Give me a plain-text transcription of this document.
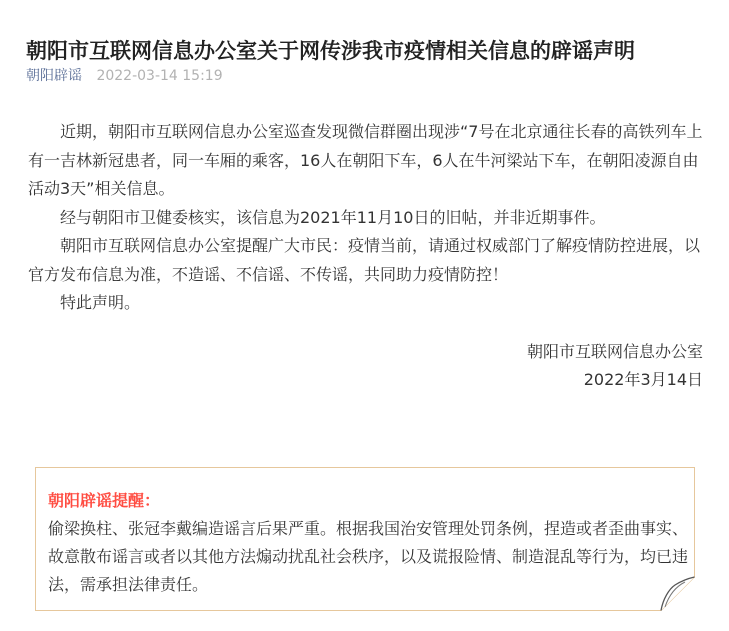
朝阳市互联网信息办公室关于网传涉我市疫情相关信息的辟谣声明
朝阳辟谣 2022-03-14 15:19

近期，朝阳市互联网信息办公室巡查发现微信群圈出现涉“7号在北京通往长春的高铁列车上有一吉林新冠患者，同一车厢的乘客，16人在朝阳下车，6人在牛河梁站下车，在朝阳凌源自由活动3天”相关信息。

经与朝阳市卫健委核实，该信息为2021年11月10日的旧帖，并非近期事件。

朝阳市互联网信息办公室提醒广大市民：疫情当前，请通过权威部门了解疫情防控进展，以官方发布信息为准，不造谣、不信谣、不传谣，共同助力疫情防控！

特此声明。

朝阳市互联网信息办公室
2022年3月14日
朝阳辟谣提醒：
偷梁换柱、张冠李戴编造谣言后果严重。根据我国治安管理处罚条例，捏造或者歪曲事实、故意散布谣言或者以其他方法煽动扰乱社会秩序，以及谎报险情、制造混乱等行为，均已违法，需承担法律责任。
